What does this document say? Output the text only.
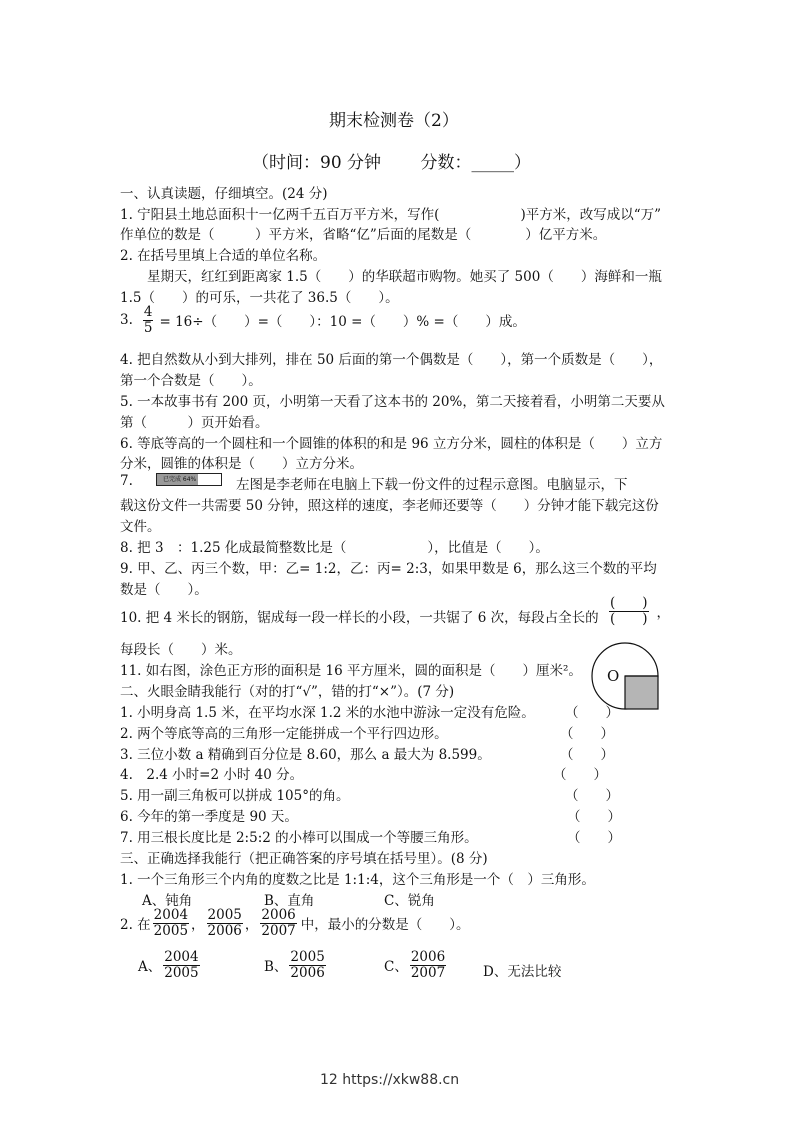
期末检测卷（2）
（时间：90 分钟　　 分数：_____）
一、认真读题，仔细填空。(24 分)
1. 宁阳县土地总面积十一亿两千五百万平方米，写作(　　　　　　)平方米，改写成以“万”
作单位的数是（　　　）平方米，省略“亿”后面的尾数是（　　　　）亿平方米。
2. 在括号里填上合适的单位名称。
星期天，红红到距离家 1.5（　　）的华联超市购物。她买了 500（　　）海鲜和一瓶
1.5（　　）的可乐，一共花了 36.5（　　）。
3. $\frac{4}{5} = 16\div$（　　）=（　　）：10 =（　　）% =（　　）成。
4. 把自然数从小到大排列，排在 50 后面的第一个偶数是（　　），第一个质数是（　　），
第一个合数是（　　）。
5. 一本故事书有 200 页，小明第一天看了这本书的 20%，第二天接着看，小明第二天要从
第（　　　）页开始看。
6. 等底等高的一个圆柱和一个圆锥的体积的和是 96 立方分米，圆柱的体积是（　　）立方
分米，圆锥的体积是（　　）立方分米。
7.	已完成 64%	左图是李老师在电脑上下载一份文件的过程示意图。电脑显示，下
载这份文件一共需要 50 分钟，照这样的速度，李老师还要等（　　）分钟才能下载完这份
文件。
8. 把 3　：1.25 化成最简整数比是（　　　　　　），比值是（　　）。
9. 甲、乙、丙三个数，甲：乙= 1:2，乙：丙= 2:3，如果甲数是 6，那么这三个数的平均
数是（　　）。
10. 把 4 米长的钢筋，锯成每一段一样长的小段，一共锯了 6 次，每段占全长的 $\frac{( )}{( )}$ ，
每段长（　　）米。
11. 如右图，涂色正方形的面积是 16 平方厘米，圆的面积是（　　）厘米²。 O
二、火眼金睛我能行（对的打“√”，错的打“×”）。(7 分)
1. 小明身高 1.5 米，在平均水深 1.2 米的水池中游泳一定没有危险。 （　　）
2. 两个等底等高的三角形一定能拼成一个平行四边形。	（　　）
3. 三位小数 a 精确到百分位是 8.60，那么 a 最大为 8.599。	（　　）
4.　2.4 小时=2 小时 40 分。	（　　）
5. 用一副三角板可以拼成 105°的角。	（　　）
6. 今年的第一季度是 90 天。	（　　）
7. 用三根长度比是 2:5:2 的小棒可以围成一个等腰三角形。	（　　）
三、正确选择我能行（把正确答案的序号填在括号里）。(8 分)
1. 一个三角形三个内角的度数之比是 1:1:4，这个三角形是一个（　）三角形。
A、钝角	B、直角	C、锐角
2. 在 $\frac{2004}{2005}$ ， $\frac{2005}{2006}$ ， $\frac{2006}{2007}$ 中，最小的分数是（　　）。
A、 $\frac{2004}{2005}$	B、 $\frac{2005}{2006}$	C、 $\frac{2006}{2007}$	D、无法比较
12 https://xkw88.cn
